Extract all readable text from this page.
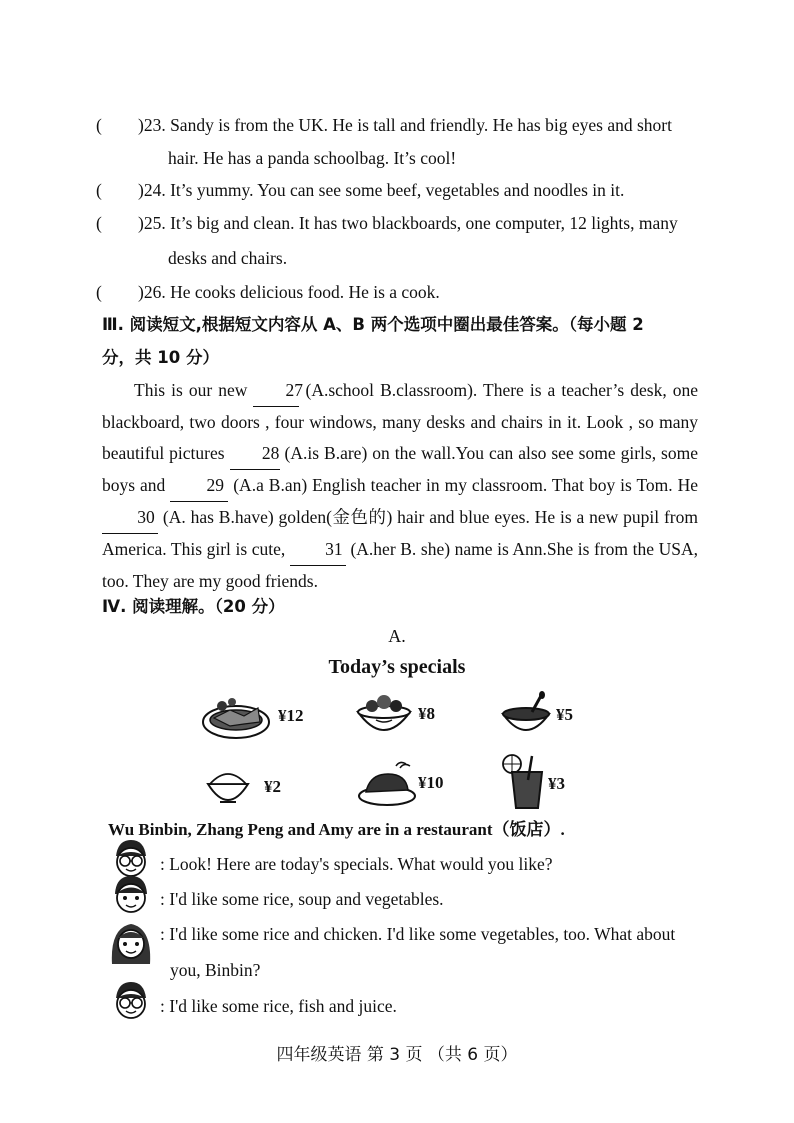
( )23. Sandy is from the UK. He is tall and friendly. He has big eyes and short
hair. He has a panda schoolbag. It’s cool!
( )24. It’s yummy. You can see some beef, vegetables and noodles in it.
( )25. It’s big and clean. It has two blackboards, one computer, 12 lights, many
desks and chairs.
( )26. He cooks delicious food. He is a cook.
Ⅲ. 阅读短文,根据短文内容从 A、B 两个选项中圈出最佳答案。（每小题 2
分，共 10 分）
This is our new 27 (A.school B.classroom). There is a teacher’s desk, one blackboard, two doors , four windows, many desks and chairs in it. Look , so many beautiful pictures 28 (A.is B.are) on the wall.You can also see some girls, some boys and 29 (A.a B.an) English teacher in my classroom. That boy is Tom. He 30 (A. has B.have) golden(金色的) hair and blue eyes. He is a new pupil from America. This girl is cute, 31 (A.her B. she) name is Ann.She is from the USA, too. They are my good friends.
Ⅳ. 阅读理解。（20 分）
A.
Today’s specials
¥12	¥8	¥5
¥2	¥10	¥3
Wu Binbin, Zhang Peng and Amy are in a restaurant（饭店）.
: Look! Here are today's specials. What would you like?
: I'd like some rice, soup and vegetables.
: I'd like some rice and chicken. I'd like some vegetables, too. What about
you, Binbin?
: I'd like some rice, fish and juice.
四年级英语 第 3 页 （共 6 页）
